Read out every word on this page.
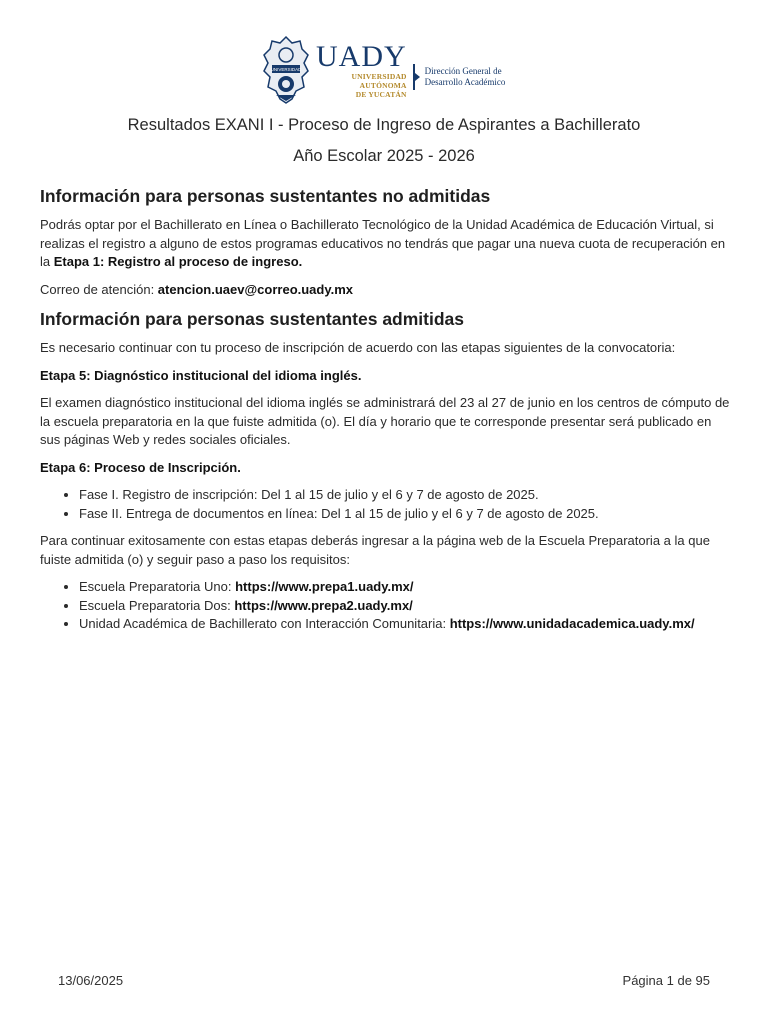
UNIVERSIDAD UADY
UNIVERSIDAD
AUTÓNOMA
DE YUCATÁN
Dirección General de
Desarrollo Académico
Resultados EXANI I - Proceso de Ingreso de Aspirantes a Bachillerato
Año Escolar 2025 - 2026
Información para personas sustentantes no admitidas

Podrás optar por el Bachillerato en Línea o Bachillerato Tecnológico de la Unidad Académica de Educación Virtual, si realizas el registro a alguno de estos programas educativos no tendrás que pagar una nueva cuota de recuperación en la Etapa 1: Registro al proceso de ingreso.

Correo de atención: atencion.uaev@correo.uady.mx

Información para personas sustentantes admitidas

Es necesario continuar con tu proceso de inscripción de acuerdo con las etapas siguientes de la convocatoria:

Etapa 5: Diagnóstico institucional del idioma inglés.

El examen diagnóstico institucional del idioma inglés se administrará del 23 al 27 de junio en los centros de cómputo de la escuela preparatoria en la que fuiste admitida (o). El día y horario que te corresponde presentar será publicado en sus páginas Web y redes sociales oficiales.

Etapa 6: Proceso de Inscripción.

• Fase I. Registro de inscripción: Del 1 al 15 de julio y el 6 y 7 de agosto de 2025.
• Fase II. Entrega de documentos en línea: Del 1 al 15 de julio y el 6 y 7 de agosto de 2025.

Para continuar exitosamente con estas etapas deberás ingresar a la página web de la Escuela Preparatoria a la que fuiste admitida (o) y seguir paso a paso los requisitos:

• Escuela Preparatoria Uno: https://www.prepa1.uady.mx/
• Escuela Preparatoria Dos: https://www.prepa2.uady.mx/
• Unidad Académica de Bachillerato con Interacción Comunitaria: https://www.unidadacademica.uady.mx/
13/06/2025	Página 1 de 95
